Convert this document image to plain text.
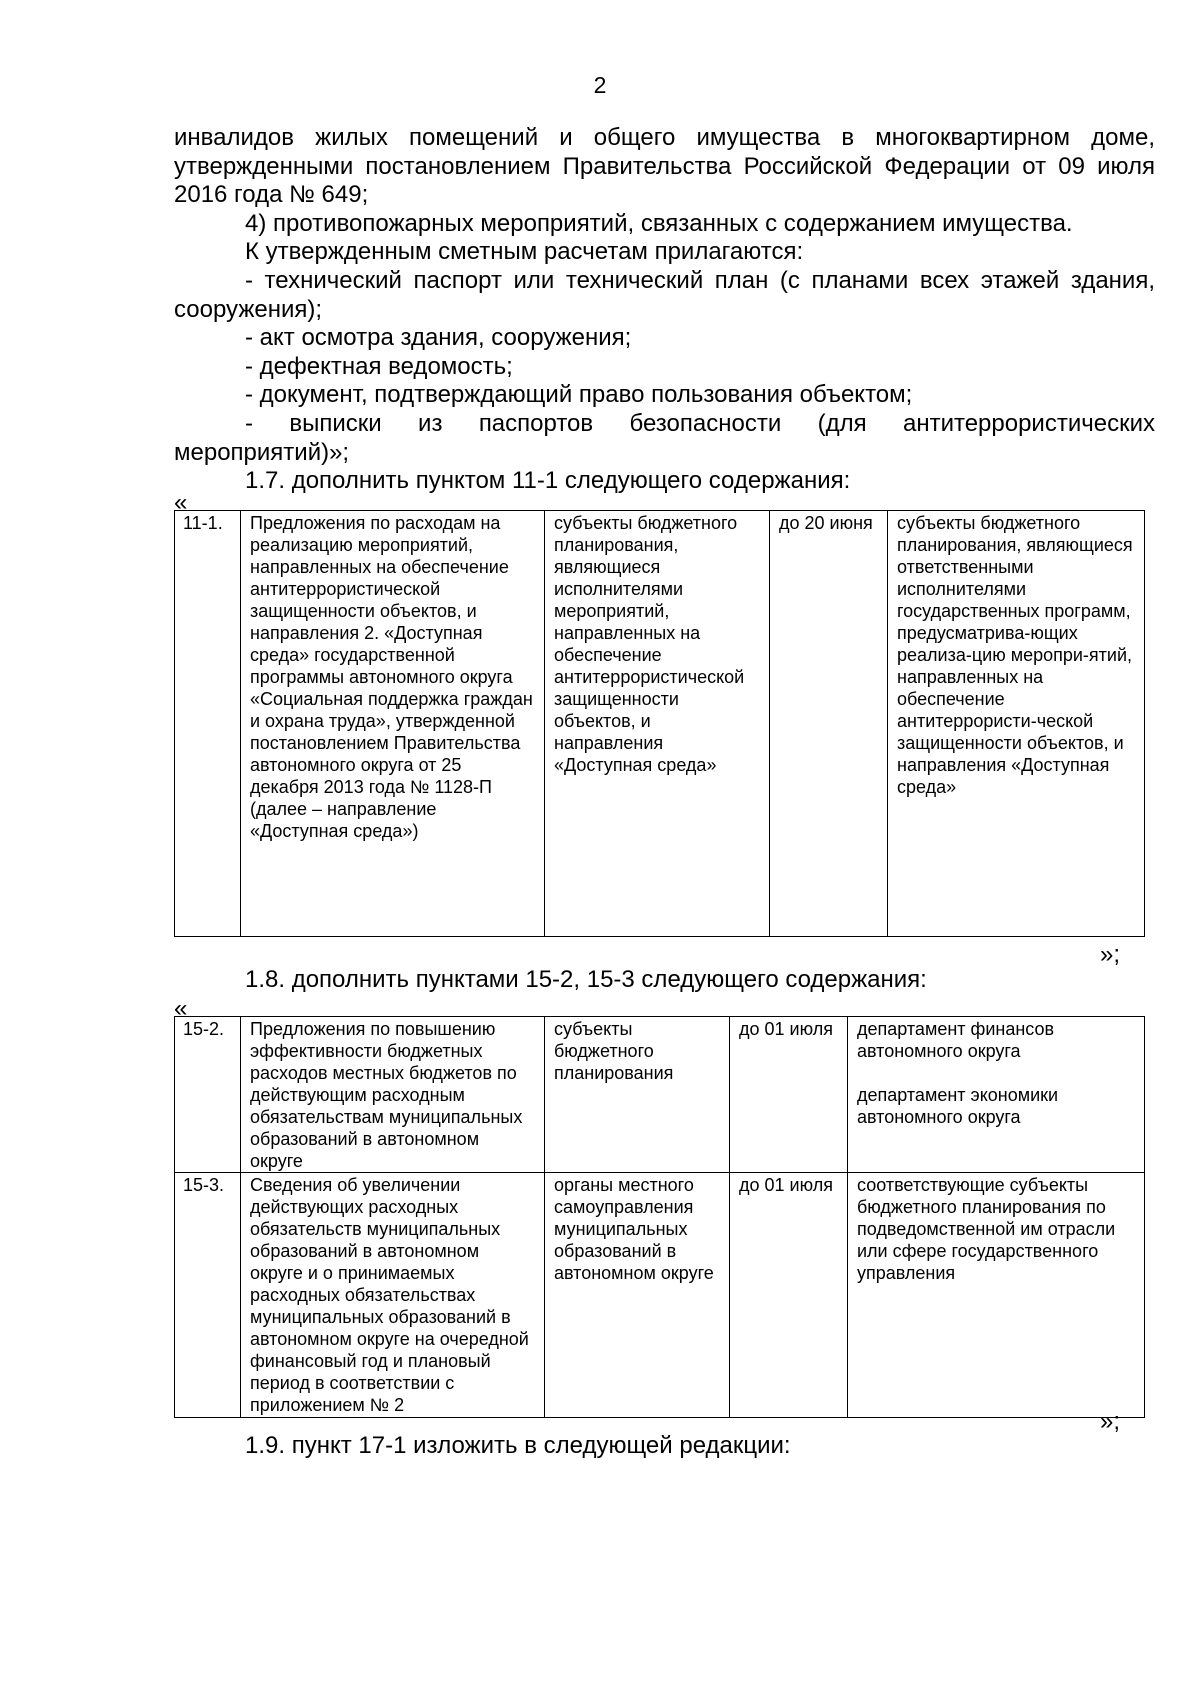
2

инвалидов жилых помещений и общего имущества в многоквартирном доме, утвержденными постановлением Правительства Российской Федерации от 09 июля 2016 года № 649;

4) противопожарных мероприятий, связанных с содержанием имущества.

К утвержденным сметным расчетам прилагаются:

- технический паспорт или технический план (с планами всех этажей здания, сооружения);

- акт осмотра здания, сооружения;

- дефектная ведомость;

- документ, подтверждающий право пользования объектом;

- выписки из паспортов безопасности (для антитеррористических мероприятий)»;

1.7. дополнить пунктом 11-1 следующего содержания:

«
11-1.	Предложения по расходам на реализацию мероприятий, направленных на обеспечение антитеррористической защищенности объектов, и направления 2. «Доступная среда» государственной программы автономного округа «Социальная поддержка граждан и охрана труда», утвержденной постановлением Правительства автономного округа от 25 декабря 2013 года № 1128-П (далее – направление «Доступная среда»)	субъекты бюджетного планирования, являющиеся исполнителями мероприятий, направленных на обеспечение антитеррористической защищенности объектов, и направления «Доступная среда»	до 20 июня	субъекты бюджетного планирования, являющиеся ответственными исполнителями государственных программ, предусматрива-ющих реализа-цию меропри-ятий, направленных на обеспечение антитеррористи-ческой защищенности объектов, и направления «Доступная среда»
»;

1.8. дополнить пунктами 15-2, 15-3 следующего содержания:

«
15-2.	Предложения по повышению эффективности бюджетных расходов местных бюджетов по действующим расходным обязательствам муниципальных образований в автономном округе	субъекты бюджетного планирования	до 01 июля	департамент финансов автономного округа
департамент экономики автономного округа
15-3.	Сведения об увеличении действующих расходных обязательств муниципальных образований в автономном округе и о принимаемых расходных обязательствах муниципальных образований в автономном округе на очередной финансовый год и плановый период в соответствии с приложением № 2	органы местного самоуправления муниципальных образований в автономном округе	до 01 июля	соответствующие субъекты бюджетного планирования по подведомственной им отрасли или сфере государственного управления
»;

1.9. пункт 17-1 изложить в следующей редакции:
